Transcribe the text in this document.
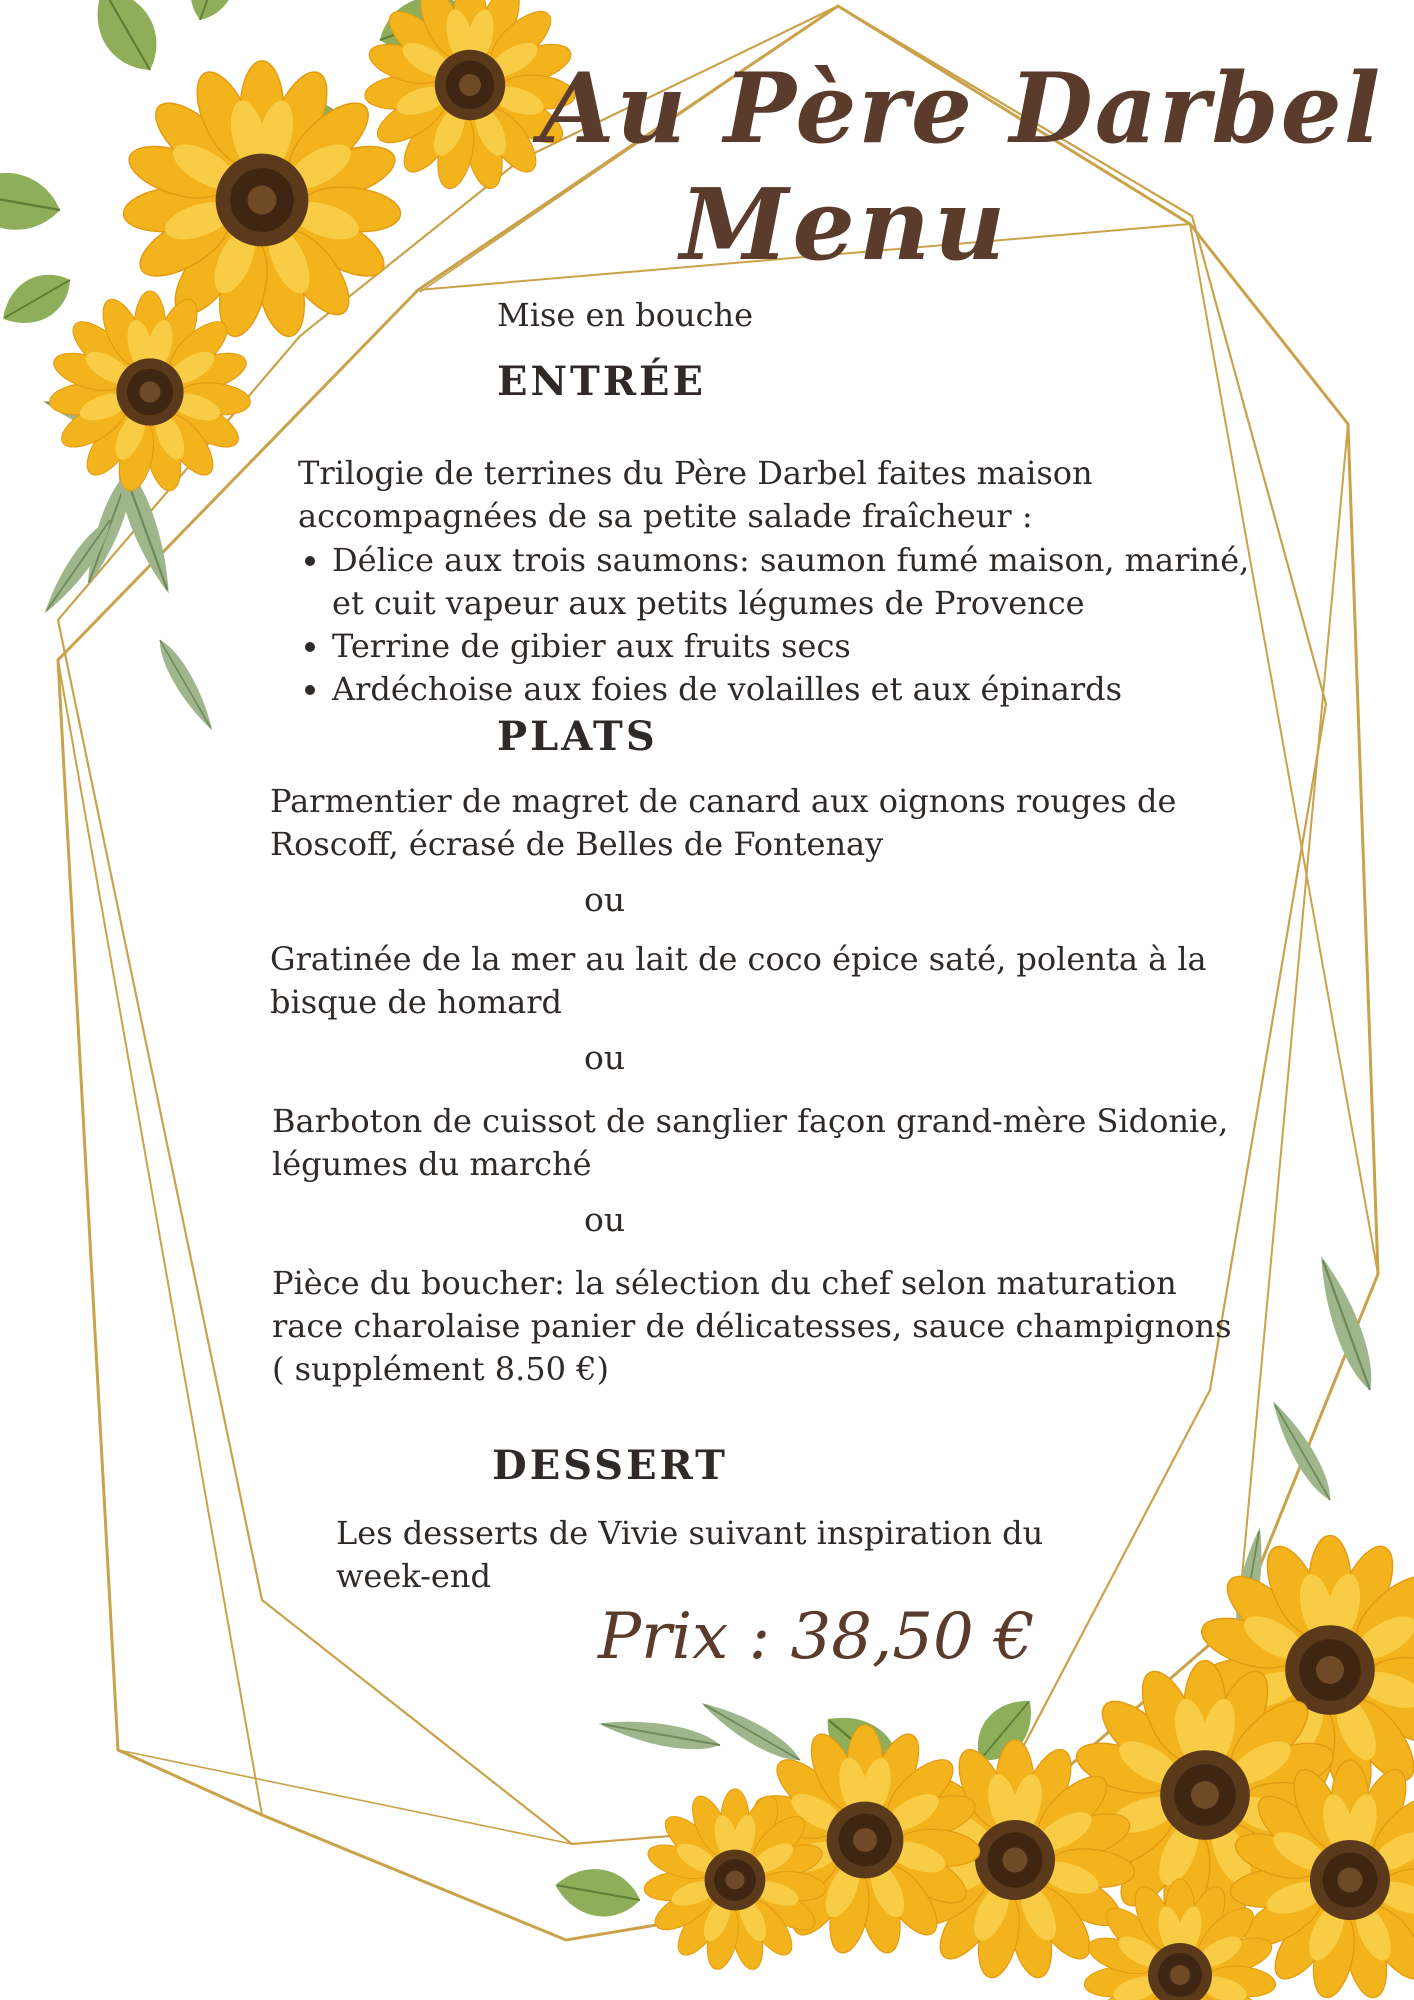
Au Père Darbel
Menu

Mise en bouche

ENTRÉE
Trilogie de terrines du Père Darbel faites maison
accompagnées de sa petite salade fraîcheur :
• Délice aux trois saumons: saumon fumé maison, mariné,
et cuit vapeur aux petits légumes de Provence
• Terrine de gibier aux fruits secs
• Ardéchoise aux foies de volailles et aux épinards
PLATS
Parmentier de magret de canard aux oignons rouges de
Roscoff, écrasé de Belles de Fontenay

ou

Gratinée de la mer au lait de coco épice saté, polenta à la
bisque de homard

ou

Barboton de cuissot de sanglier façon grand-mère Sidonie,
légumes du marché

ou

Pièce du boucher: la sélection du chef selon maturation
race charolaise panier de délicatesses, sauce champignons
( supplément 8.50 €)
DESSERT
Les desserts de Vivie suivant inspiration du
week-end

Prix : 38,50 €
